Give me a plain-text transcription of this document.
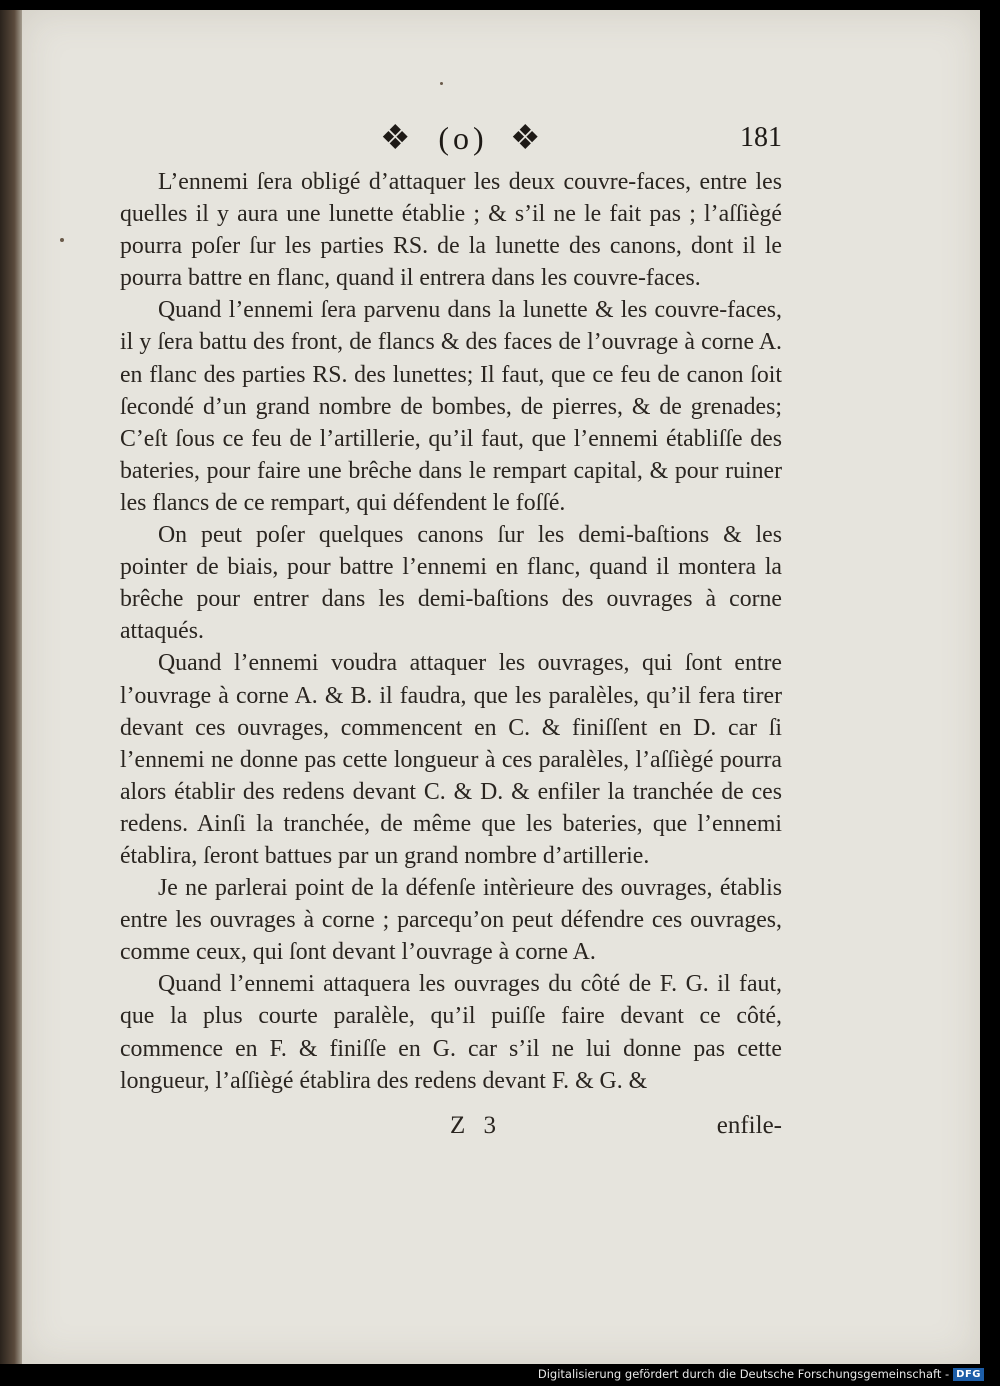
❖ (o) ❖	181

L’ennemi ſera obligé d’attaquer les deux couvre-faces, entre les quelles il y aura une lunette établie ; & s’il ne le fait pas ; l’aſſiègé pourra poſer ſur les parties RS. de la lunette des canons, dont il le pourra battre en flanc, quand il entrera dans les couvre-faces.

Quand l’ennemi ſera parvenu dans la lunette & les couvre-faces, il y ſera battu des front, de flancs & des faces de l’ouvrage à corne A. en flanc des parties RS. des lunettes; Il faut, que ce feu de canon ſoit ſecondé d’un grand nombre de bombes, de pierres, & de grenades; C’eſt ſous ce feu de l’artillerie, qu’il faut, que l’ennemi établiſſe des bateries, pour faire une brêche dans le rempart capital, & pour ruiner les flancs de ce rempart, qui défendent le foſſé.

On peut poſer quelques canons ſur les demi-baſtions & les pointer de biais, pour battre l’ennemi en flanc, quand il montera la brêche pour entrer dans les demi-baſtions des ouvrages à corne attaqués.

Quand l’ennemi voudra attaquer les ouvrages, qui ſont entre l’ouvrage à corne A. & B. il faudra, que les paralèles, qu’il fera tirer devant ces ouvrages, commencent en C. & finiſſent en D. car ſi l’ennemi ne donne pas cette longueur à ces paralèles, l’aſſiègé pourra alors établir des redens devant C. & D. & enfiler la tranchée de ces redens. Ainſi la tranchée, de même que les bateries, que l’ennemi établira, ſeront battues par un grand nombre d’artillerie.

Je ne parlerai point de la défenſe intèrieure des ouvrages, établis entre les ouvrages à corne ; parcequ’on peut défendre ces ouvrages, comme ceux, qui ſont devant l’ouvrage à corne A.

Quand l’ennemi attaquera les ouvrages du côté de F. G. il faut, que la plus courte paralèle, qu’il puiſſe faire devant ce côté, commence en F. & finiſſe en G. car s’il ne lui donne pas cette longueur, l’aſſiègé établira des redens devant F. & G. &

Z 3	enfile-
Digitalisierung gefördert durch die Deutsche Forschungsgemeinschaft - DFG
